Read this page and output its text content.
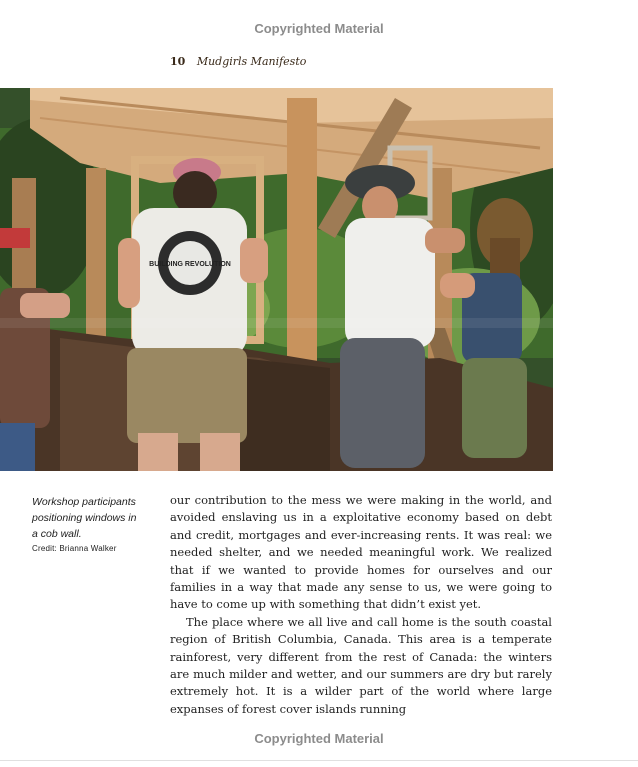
Copyrighted Material
10 Mudgirls Manifesto
BUILDING REVOLUTION
Workshop participants
positioning windows in
a cob wall.
Credit: Brianna Walker

our contribution to the mess we were making in the world, and avoided enslaving us in a exploitative economy based on debt and credit, mortgages and ever-increasing rents. It was real: we needed shelter, and we needed meaningful work. We realized that if we wanted to provide homes for ourselves and our families in a way that made any sense to us, we were going to have to come up with something that didn’t exist yet.

The place where we all live and call home is the south coastal region of British Columbia, Canada. This area is a temperate rainforest, very different from the rest of Canada: the winters are much milder and wetter, and our summers are dry but rarely extremely hot. It is a wilder part of the world where large expanses of forest cover islands running

Copyrighted Material
